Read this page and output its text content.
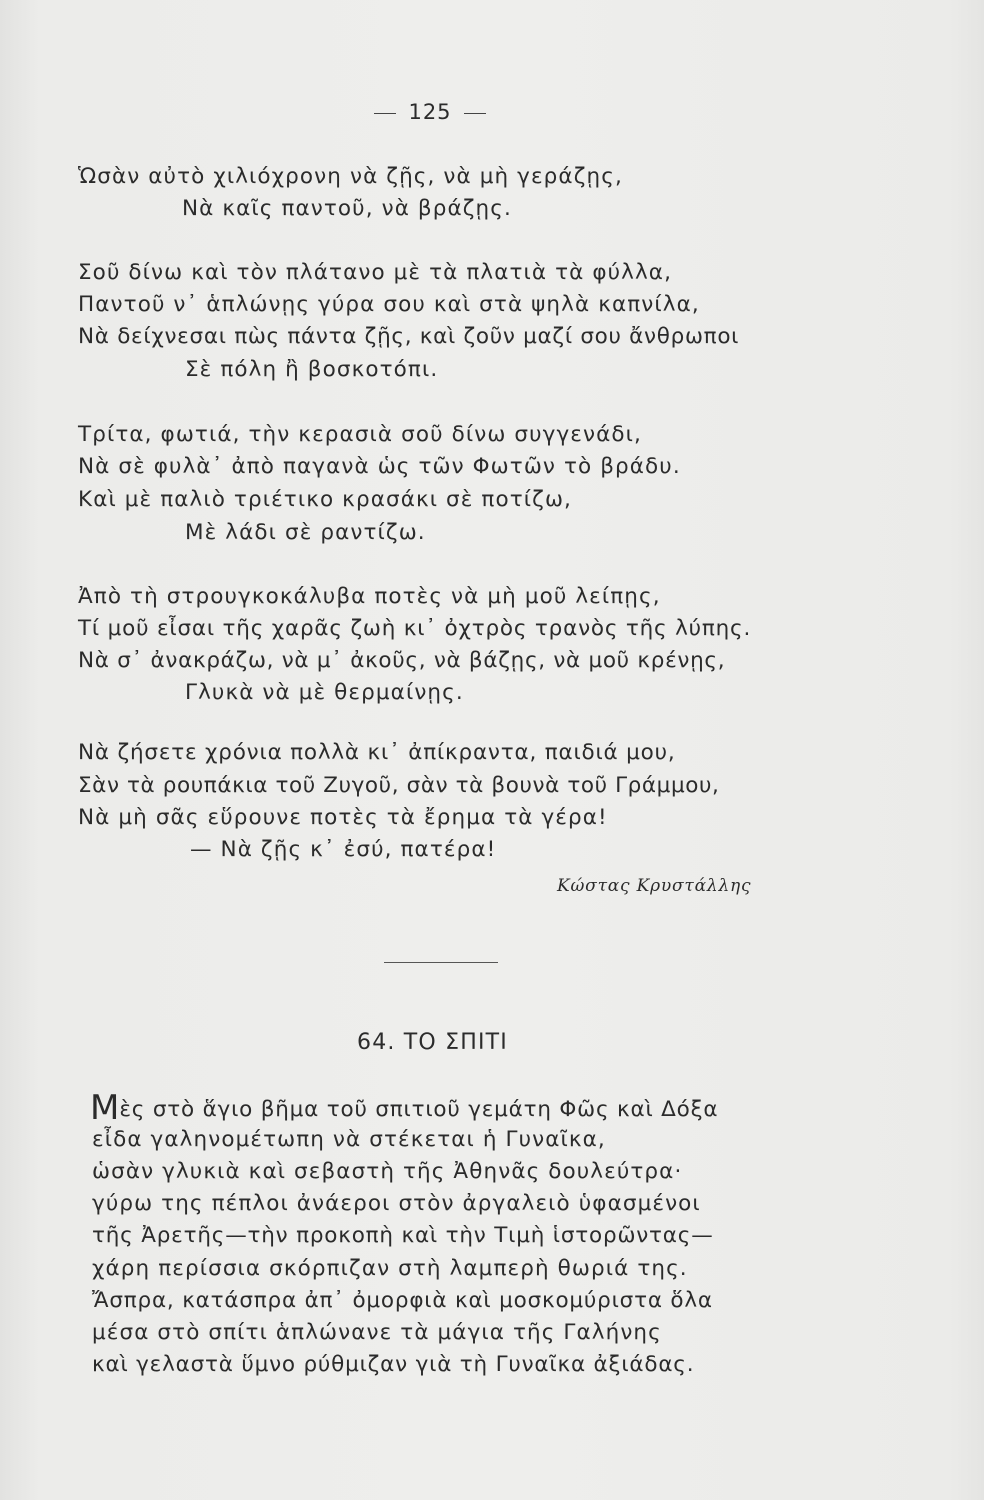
125
Ὡσὰν αὐτὸ χιλιόχρονη νὰ ζῇς, νὰ μὴ γεράζῃς,
Νὰ καῖς παντοῦ, νὰ βράζῃς.
Σοῦ δίνω καὶ τὸν πλάτανο μὲ τὰ πλατιὰ τὰ φύλλα,
Παντοῦ ν᾽ ἁπλώνῃς γύρα σου καὶ στὰ ψηλὰ καπνίλα,
Νὰ δείχνεσαι πὼς πάντα ζῇς, καὶ ζοῦν μαζί σου ἄνθρωποι
Σὲ πόλη ἢ βοσκοτόπι.
Τρίτα, φωτιά, τὴν κερασιὰ σοῦ δίνω συγγενάδι,
Νὰ σὲ φυλὰ᾽ ἀπὸ παγανὰ ὡς τῶν Φωτῶν τὸ βράδυ.
Καὶ μὲ παλιὸ τριέτικο κρασάκι σὲ ποτίζω,
Μὲ λάδι σὲ ραντίζω.
Ἀπὸ τὴ στρουγκοκάλυβα ποτὲς νὰ μὴ μοῦ λείπῃς,
Τί μοῦ εἶσαι τῆς χαρᾶς ζωὴ κι᾽ ὀχτρὸς τρανὸς τῆς λύπης.
Νὰ σ᾽ ἀνακράζω, νὰ μ᾽ ἀκοῦς, νὰ βάζῃς, νὰ μοῦ κρένῃς,
Γλυκὰ νὰ μὲ θερμαίνῃς.
Νὰ ζήσετε χρόνια πολλὰ κι᾽ ἀπίκραντα, παιδιά μου,
Σὰν τὰ ρουπάκια τοῦ Ζυγοῦ, σὰν τὰ βουνὰ τοῦ Γράμμου,
Νὰ μὴ σᾶς εὕρουνε ποτὲς τὰ ἔρημα τὰ γέρα!
— Νὰ ζῇς κ᾽ ἐσύ, πατέρα!
Κώστας Κρυστάλλης
64. ΤΟ ΣΠΙΤΙ
Μὲς στὸ ἅγιο βῆμα τοῦ σπιτιοῦ γεμάτη Φῶς καὶ Δόξα
εἶδα γαληνομέτωπη νὰ στέκεται ἡ Γυναῖκα,
ὡσὰν γλυκιὰ καὶ σεβαστὴ τῆς Ἀθηνᾶς δουλεύτρα·
γύρω της πέπλοι ἀνάεροι στὸν ἀργαλειὸ ὑφασμένοι
τῆς Ἀρετῆς—τὴν προκοπὴ καὶ τὴν Τιμὴ ἱστορῶντας—
χάρη περίσσια σκόρπιζαν στὴ λαμπερὴ θωριά της.
Ἄσπρα, κατάσπρα ἀπ᾽ ὀμορφιὰ καὶ μοσκομύριστα ὅλα
μέσα στὸ σπίτι ἁπλώνανε τὰ μάγια τῆς Γαλήνης
καὶ γελαστὰ ὕμνο ρύθμιζαν γιὰ τὴ Γυναῖκα ἀξιάδας.
